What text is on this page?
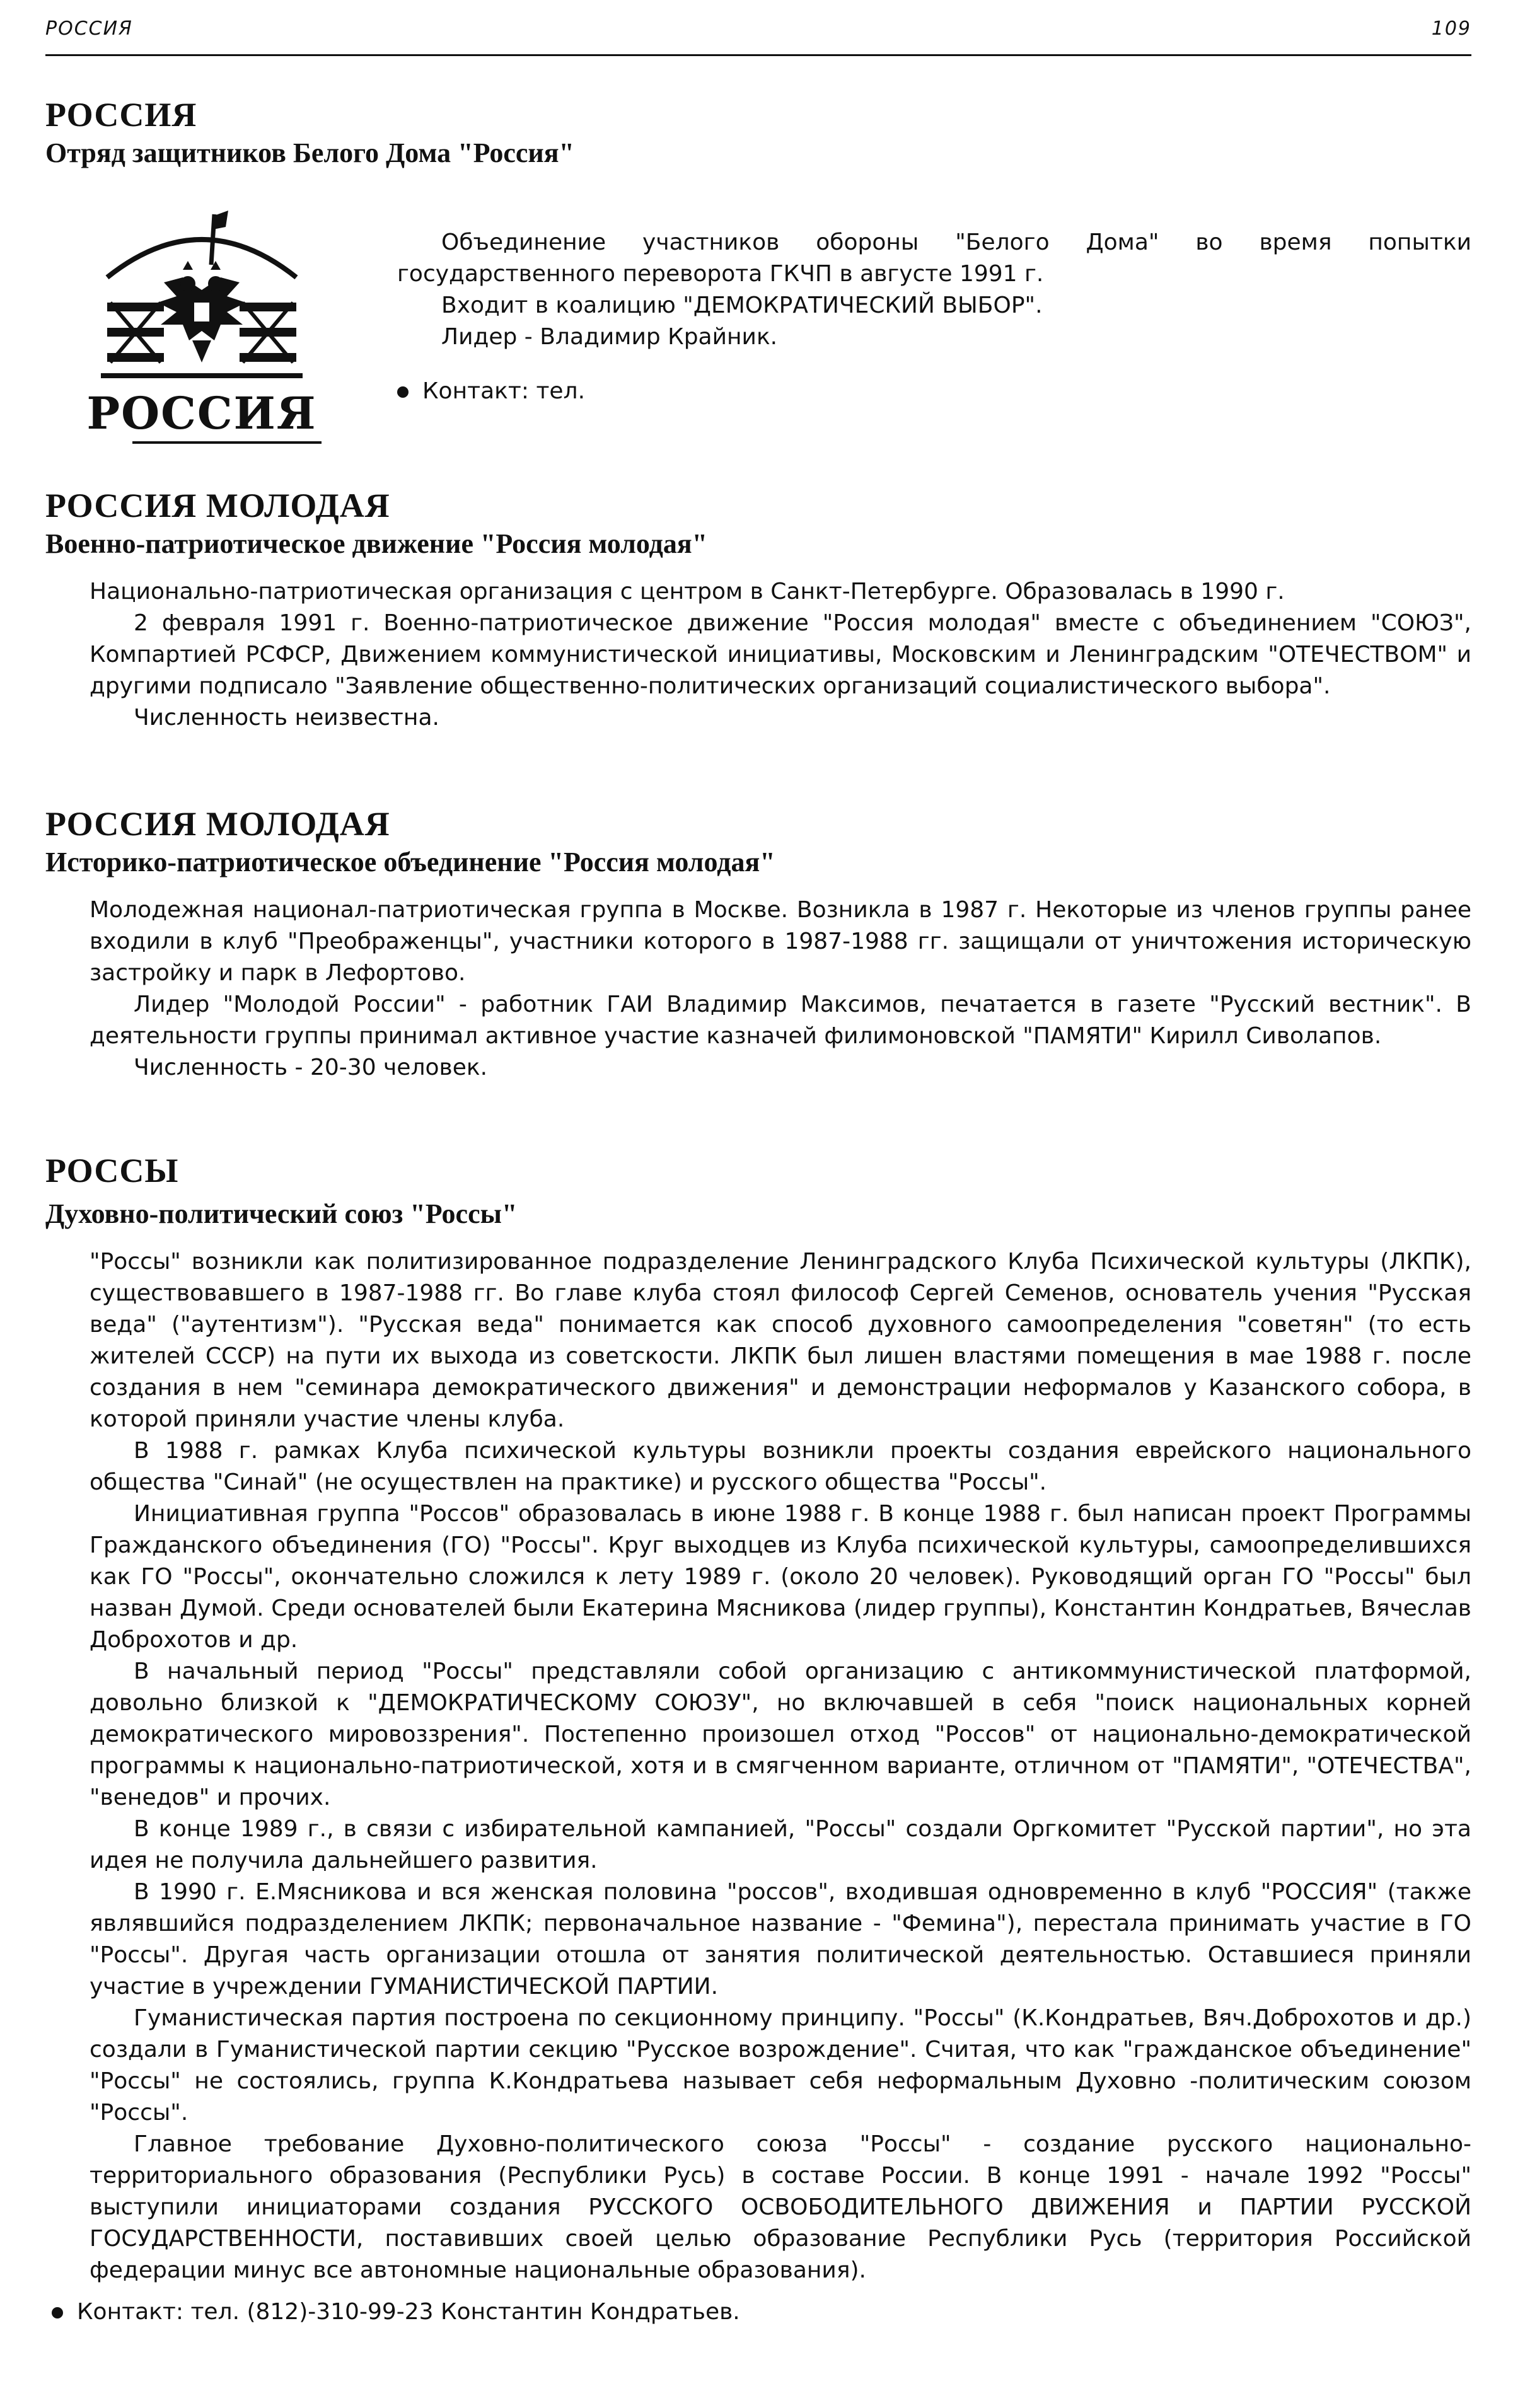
РОССИЯ	109
РОССИЯ
Отряд защитников Белого Дома "Россия"
РОССИЯ

Объединение участников обороны "Белого Дома" во время попытки государственного переворота ГКЧП в августе 1991 г.

Входит в коалицию "ДЕМОКРАТИЧЕСКИЙ ВЫБОР".

Лидер - Владимир Крайник.

Контакт: тел.

РОССИЯ МОЛОДАЯ
Военно-патриотическое движение "Россия молодая"

Национально-патриотическая организация с центром в Санкт-Петербурге. Образовалась в 1990 г.

2 февраля 1991 г. Военно-патриотическое движение "Россия молодая" вместе с объединением "СОЮЗ", Компартией РСФСР, Движением коммунистической инициативы, Московским и Ленинградским "ОТЕЧЕСТВОМ" и другими подписало "Заявление общественно-политических организаций социалистического выбора".

Численность неизвестна.

РОССИЯ МОЛОДАЯ
Историко-патриотическое объединение "Россия молодая"

Молодежная национал-патриотическая группа в Москве. Возникла в 1987 г. Некоторые из членов группы ранее входили в клуб "Преображенцы", участники которого в 1987-1988 гг. защищали от уничтожения историческую застройку и парк в Лефортово.

Лидер "Молодой России" - работник ГАИ Владимир Максимов, печатается в газете "Русский вестник". В деятельности группы принимал активное участие казначей филимоновской "ПАМЯТИ" Кирилл Сиволапов.

Численность - 20-30 человек.

РОССЫ
Духовно-политический союз "Россы"

"Россы" возникли как политизированное подразделение Ленинградского Клуба Психической культуры (ЛКПК), существовавшего в 1987-1988 гг. Во главе клуба стоял философ Сергей Семенов, основатель учения "Русская веда" ("аутентизм"). "Русская веда" понимается как способ духовного самоопределения "советян" (то есть жителей СССР) на пути их выхода из советскости. ЛКПК был лишен властями помещения в мае 1988 г. после создания в нем "семинара демократического движения" и демонстрации неформалов у Казанского собора, в которой приняли участие члены клуба.

В 1988 г. рамках Клуба психической культуры возникли проекты создания еврейского национального общества "Синай" (не осуществлен на практике) и русского общества "Россы".

Инициативная группа "Россов" образовалась в июне 1988 г. В конце 1988 г. был написан проект Программы Гражданского объединения (ГО) "Россы". Круг выходцев из Клуба психической культуры, самоопределившихся как ГО "Россы", окончательно сложился к лету 1989 г. (около 20 человек). Руководящий орган ГО "Россы" был назван Думой. Среди основателей были Екатерина Мясникова (лидер группы), Константин Кондратьев, Вячеслав Доброхотов и др.

В начальный период "Россы" представляли собой организацию с антикоммунистической платформой, довольно близкой к "ДЕМОКРАТИЧЕСКОМУ СОЮЗУ", но включавшей в себя "поиск национальных корней демократического мировоззрения". Постепенно произошел отход "Россов" от национально-демократической программы к национально-патриотической, хотя и в смягченном варианте, отличном от "ПАМЯТИ", "ОТЕЧЕСТВА", "венедов" и прочих.

В конце 1989 г., в связи с избирательной кампанией, "Россы" создали Оргкомитет "Русской партии", но эта идея не получила дальнейшего развития.

В 1990 г. Е.Мясникова и вся женская половина "россов", входившая одновременно в клуб "РОССИЯ" (также являвшийся подразделением ЛКПК; первоначальное название - "Фемина"), перестала принимать участие в ГО "Россы". Другая часть организации отошла от занятия политической деятельностью. Оставшиеся приняли участие в учреждении ГУМАНИСТИЧЕСКОЙ ПАРТИИ.

Гуманистическая партия построена по секционному принципу. "Россы" (К.Кондратьев, Вяч.Доброхотов и др.) создали в Гуманистической партии секцию "Русское возрождение". Считая, что как "гражданское объединение" "Россы" не состоялись, группа К.Кондратьева называет себя неформальным Духовно -политическим союзом "Россы".

Главное требование Духовно-политического союза "Россы" - создание русского национально-территориального образования (Республики Русь) в составе России. В конце 1991 - начале 1992 "Россы" выступили инициаторами создания РУССКОГО ОСВОБОДИТЕЛЬНОГО ДВИЖЕНИЯ и ПАРТИИ РУССКОЙ ГОСУДАРСТВЕННОСТИ, поставивших своей целью образование Республики Русь (территория Российской федерации минус все автономные национальные образования).

Контакт: тел. (812)-310-99-23 Константин Кондратьев.
